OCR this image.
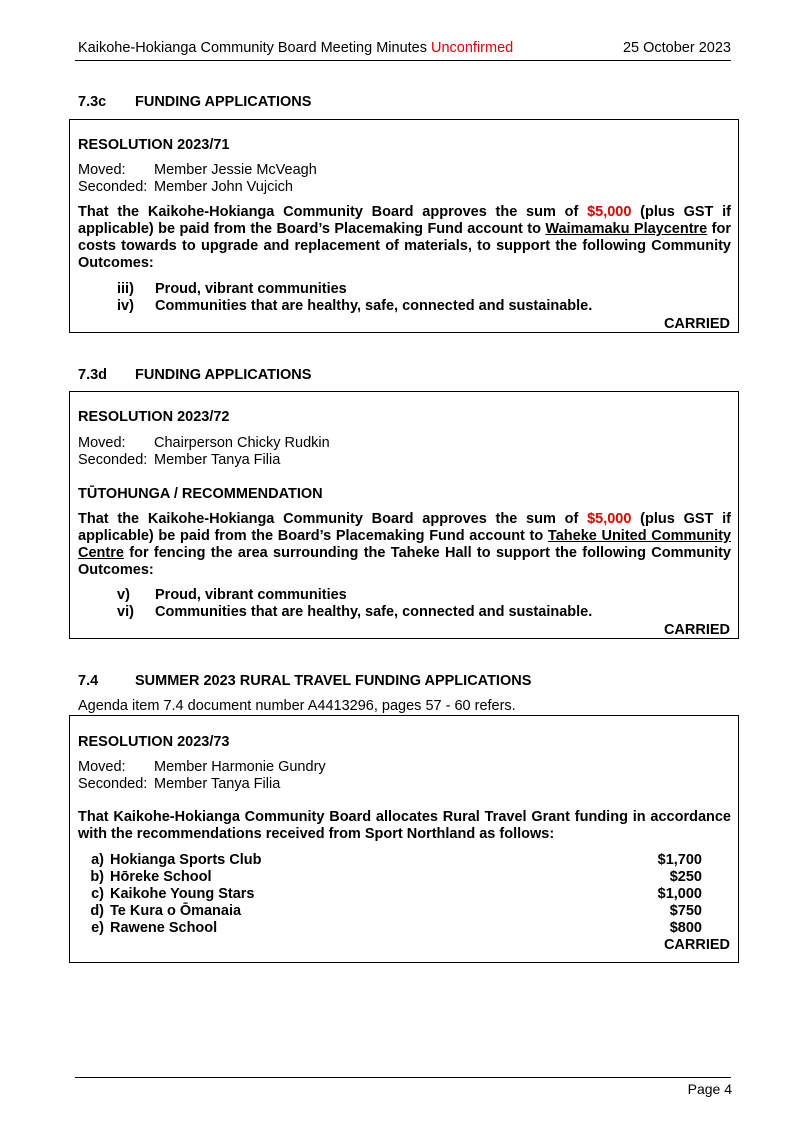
Kaikohe-Hokianga Community Board Meeting Minutes Unconfirmed	25 October 2023
7.3c FUNDING APPLICATIONS
RESOLUTION 2023/71
Moved: Member Jessie McVeagh
Seconded: Member John Vujcich
That the Kaikohe-Hokianga Community Board approves the sum of $5,000 (plus GST if applicable) be paid from the Board’s Placemaking Fund account to Waimamaku Playcentre for costs towards to upgrade and replacement of materials, to support the following Community Outcomes:
iii) Proud, vibrant communities
iv) Communities that are healthy, safe, connected and sustainable.
CARRIED
7.3d FUNDING APPLICATIONS
RESOLUTION 2023/72
Moved: Chairperson Chicky Rudkin
Seconded: Member Tanya Filia
TŪTOHUNGA / RECOMMENDATION
That the Kaikohe-Hokianga Community Board approves the sum of $5,000 (plus GST if applicable) be paid from the Board’s Placemaking Fund account to Taheke United Community Centre for fencing the area surrounding the Taheke Hall to support the following Community Outcomes:
v) Proud, vibrant communities
vi) Communities that are healthy, safe, connected and sustainable.
CARRIED
7.4	SUMMER 2023 RURAL TRAVEL FUNDING APPLICATIONS
Agenda item 7.4 document number A4413296, pages 57 - 60 refers.
RESOLUTION 2023/73
Moved: Member Harmonie Gundry
Seconded: Member Tanya Filia
That Kaikohe-Hokianga Community Board allocates Rural Travel Grant funding in accordance with the recommendations received from Sport Northland as follows:
a) Hokianga Sports Club	$1,700
b) Hōreke School	$250
c) Kaikohe Young Stars	$1,000
d) Te Kura o Ōmanaia	$750
e) Rawene School	$800
CARRIED
Page 4
